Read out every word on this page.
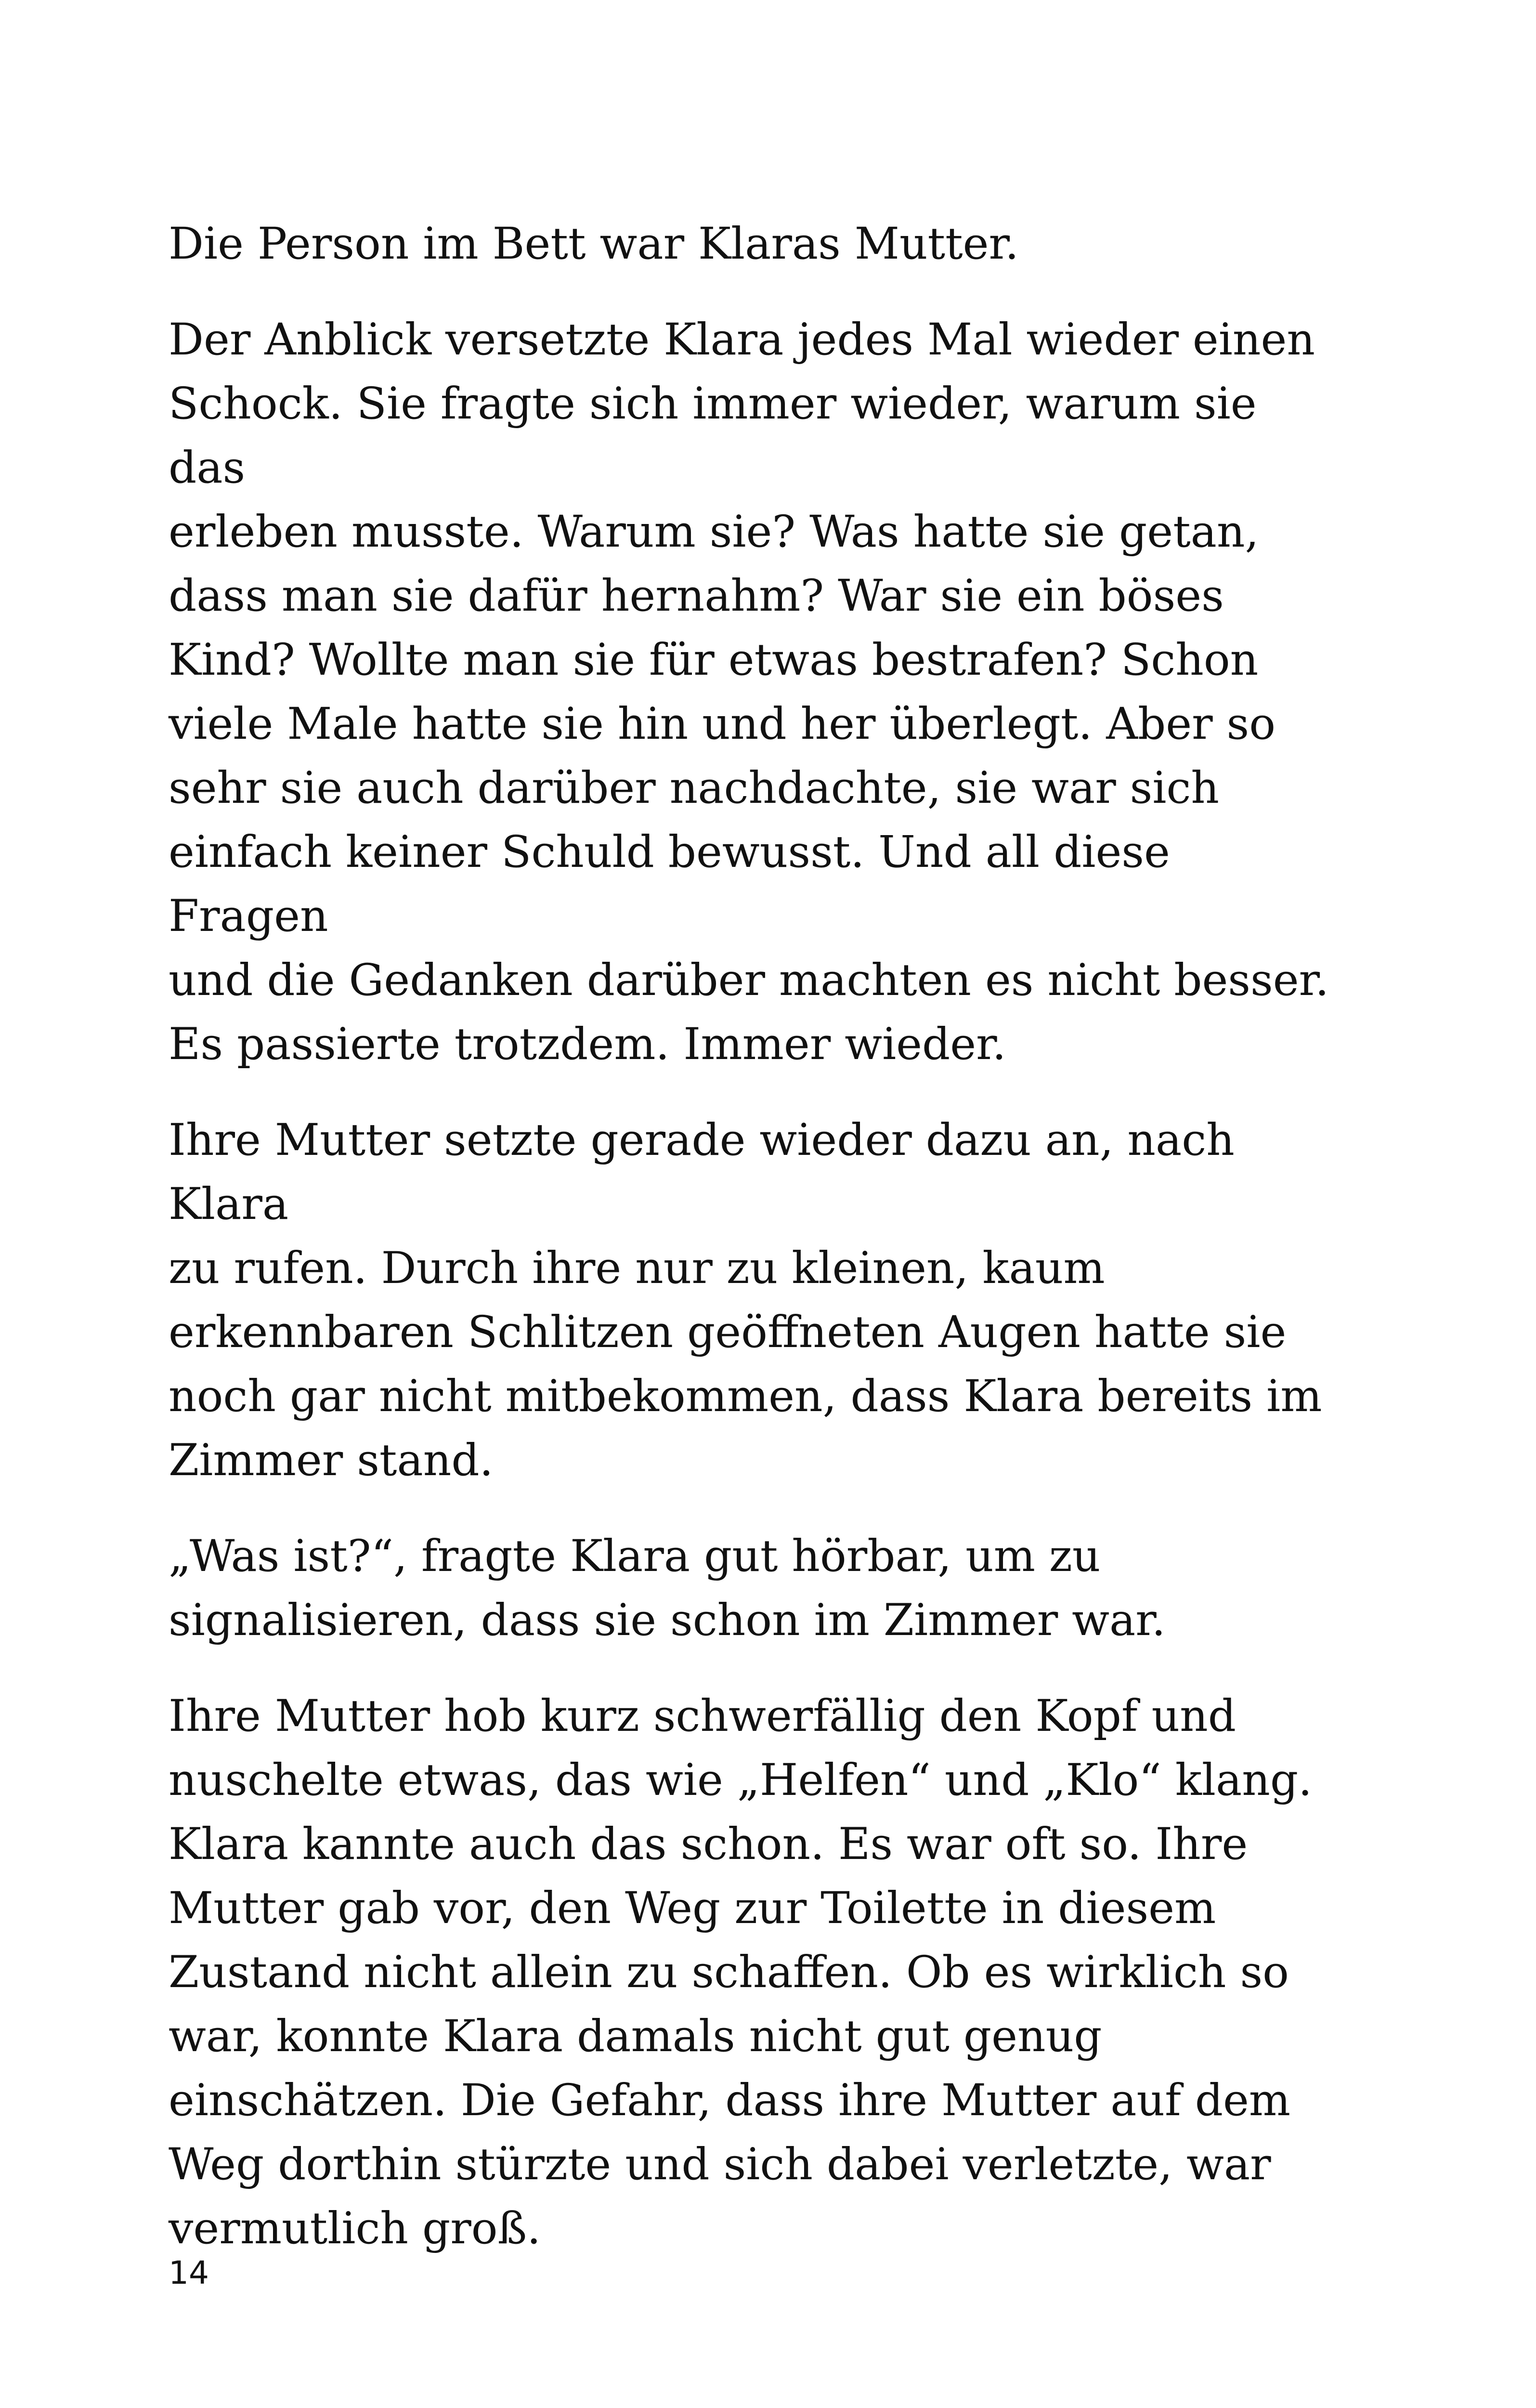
Die Person im Bett war Klaras Mutter.

Der Anblick versetzte Klara jedes Mal wieder einen
Schock. Sie fragte sich immer wieder, warum sie das
erleben musste. Warum sie? Was hatte sie getan,
dass man sie dafür hernahm? War sie ein böses
Kind? Wollte man sie für etwas bestrafen? Schon
viele Male hatte sie hin und her überlegt. Aber so
sehr sie auch darüber nachdachte, sie war sich
einfach keiner Schuld bewusst. Und all diese Fragen
und die Gedanken darüber machten es nicht besser.
Es passierte trotzdem. Immer wieder.

Ihre Mutter setzte gerade wieder dazu an, nach Klara
zu rufen. Durch ihre nur zu kleinen, kaum
erkennbaren Schlitzen geöffneten Augen hatte sie
noch gar nicht mitbekommen, dass Klara bereits im
Zimmer stand.

„Was ist?“, fragte Klara gut hörbar, um zu
signalisieren, dass sie schon im Zimmer war.

Ihre Mutter hob kurz schwerfällig den Kopf und
nuschelte etwas, das wie „Helfen“ und „Klo“ klang.
Klara kannte auch das schon. Es war oft so. Ihre
Mutter gab vor, den Weg zur Toilette in diesem
Zustand nicht allein zu schaffen. Ob es wirklich so
war, konnte Klara damals nicht gut genug
einschätzen. Die Gefahr, dass ihre Mutter auf dem
Weg dorthin stürzte und sich dabei verletzte, war
vermutlich groß.

14
